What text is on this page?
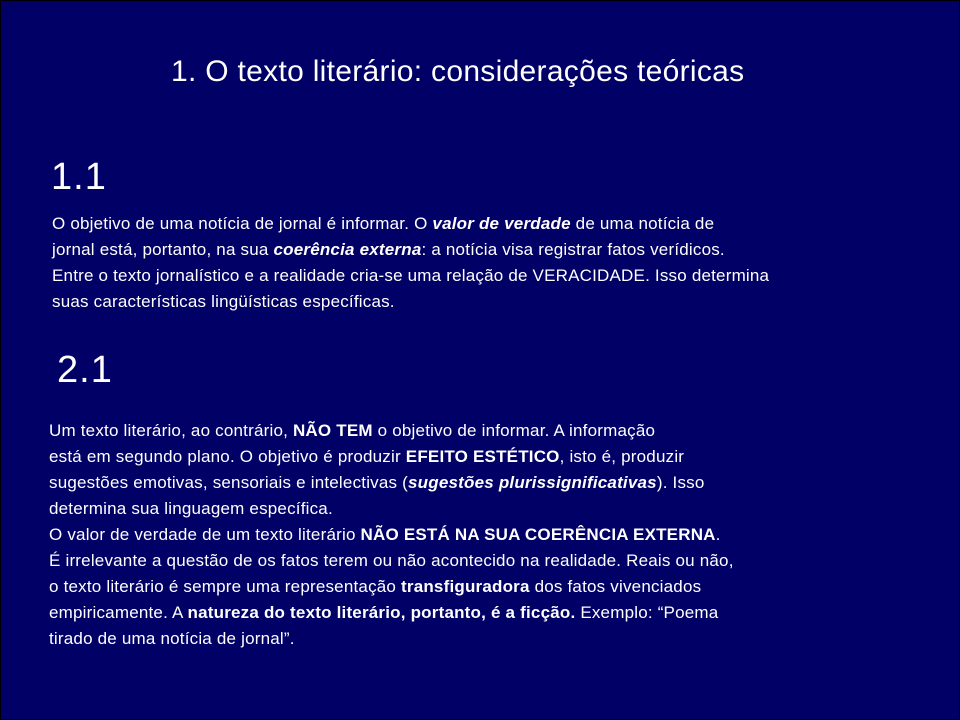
1. O texto literário: considerações teóricas
1.1
O objetivo de uma notícia de jornal é informar. O valor de verdade de uma notícia de
jornal está, portanto, na sua coerência externa: a notícia visa registrar fatos verídicos.
Entre o texto jornalístico e a realidade cria-se uma relação de VERACIDADE. Isso determina
suas características lingüísticas específicas.
2.1
Um texto literário, ao contrário, NÃO TEM o objetivo de informar. A informação
está em segundo plano. O objetivo é produzir EFEITO ESTÉTICO, isto é, produzir
sugestões emotivas, sensoriais e intelectivas (sugestões plurissignificativas). Isso
determina sua linguagem específica.
O valor de verdade de um texto literário NÃO ESTÁ NA SUA COERÊNCIA EXTERNA.
É irrelevante a questão de os fatos terem ou não acontecido na realidade. Reais ou não,
o texto literário é sempre uma representação transfiguradora dos fatos vivenciados
empiricamente. A natureza do texto literário, portanto, é a ficção. Exemplo: “Poema
tirado de uma notícia de jornal”.
